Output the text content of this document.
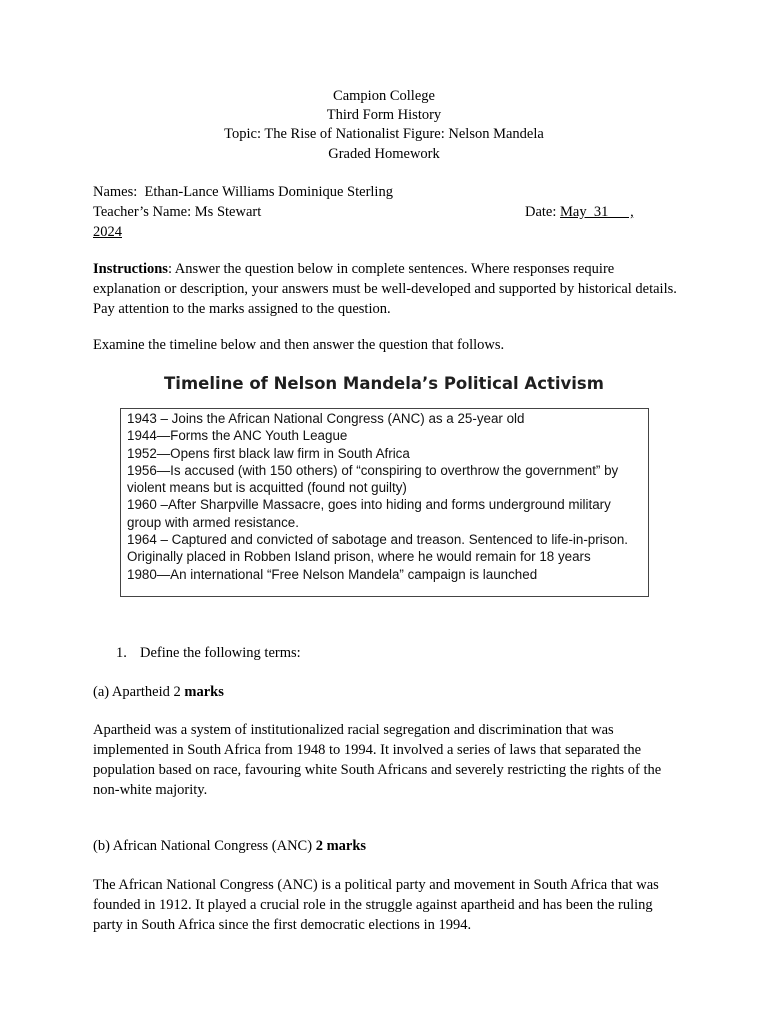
Campion College
Third Form History
Topic: The Rise of Nationalist Figure: Nelson Mandela
Graded Homework
Names: Ethan-Lance Williams Dominique Sterling
Teacher’s Name: Ms Stewart	Date: May  31      ,
2024
Instructions: Answer the question below in complete sentences. Where responses require explanation or description, your answers must be well-developed and supported by historical details. Pay attention to the marks assigned to the question.
Examine the timeline below and then answer the question that follows.
Timeline of Nelson Mandela’s Political Activism

1943 – Joins the African National Congress (ANC) as a 25-year old

1944—Forms the ANC Youth League

1952—Opens first black law firm in South Africa

1956—Is accused (with 150 others) of “conspiring to overthrow the government” by violent means but is acquitted (found not guilty)

1960 –After Sharpville Massacre, goes into hiding and forms underground military group with armed resistance.

1964 – Captured and convicted of sabotage and treason. Sentenced to life-in-prison. Originally placed in Robben Island prison, where he would remain for 18 years

1980—An international “Free Nelson Mandela” campaign is launched

1. Define the following terms:
(a) Apartheid 2 marks
Apartheid was a system of institutionalized racial segregation and discrimination that was implemented in South Africa from 1948 to 1994. It involved a series of laws that separated the population based on race, favouring white South Africans and severely restricting the rights of the non-white majority.
(b) African National Congress (ANC) 2 marks
The African National Congress (ANC) is a political party and movement in South Africa that was founded in 1912. It played a crucial role in the struggle against apartheid and has been the ruling party in South Africa since the first democratic elections in 1994.
